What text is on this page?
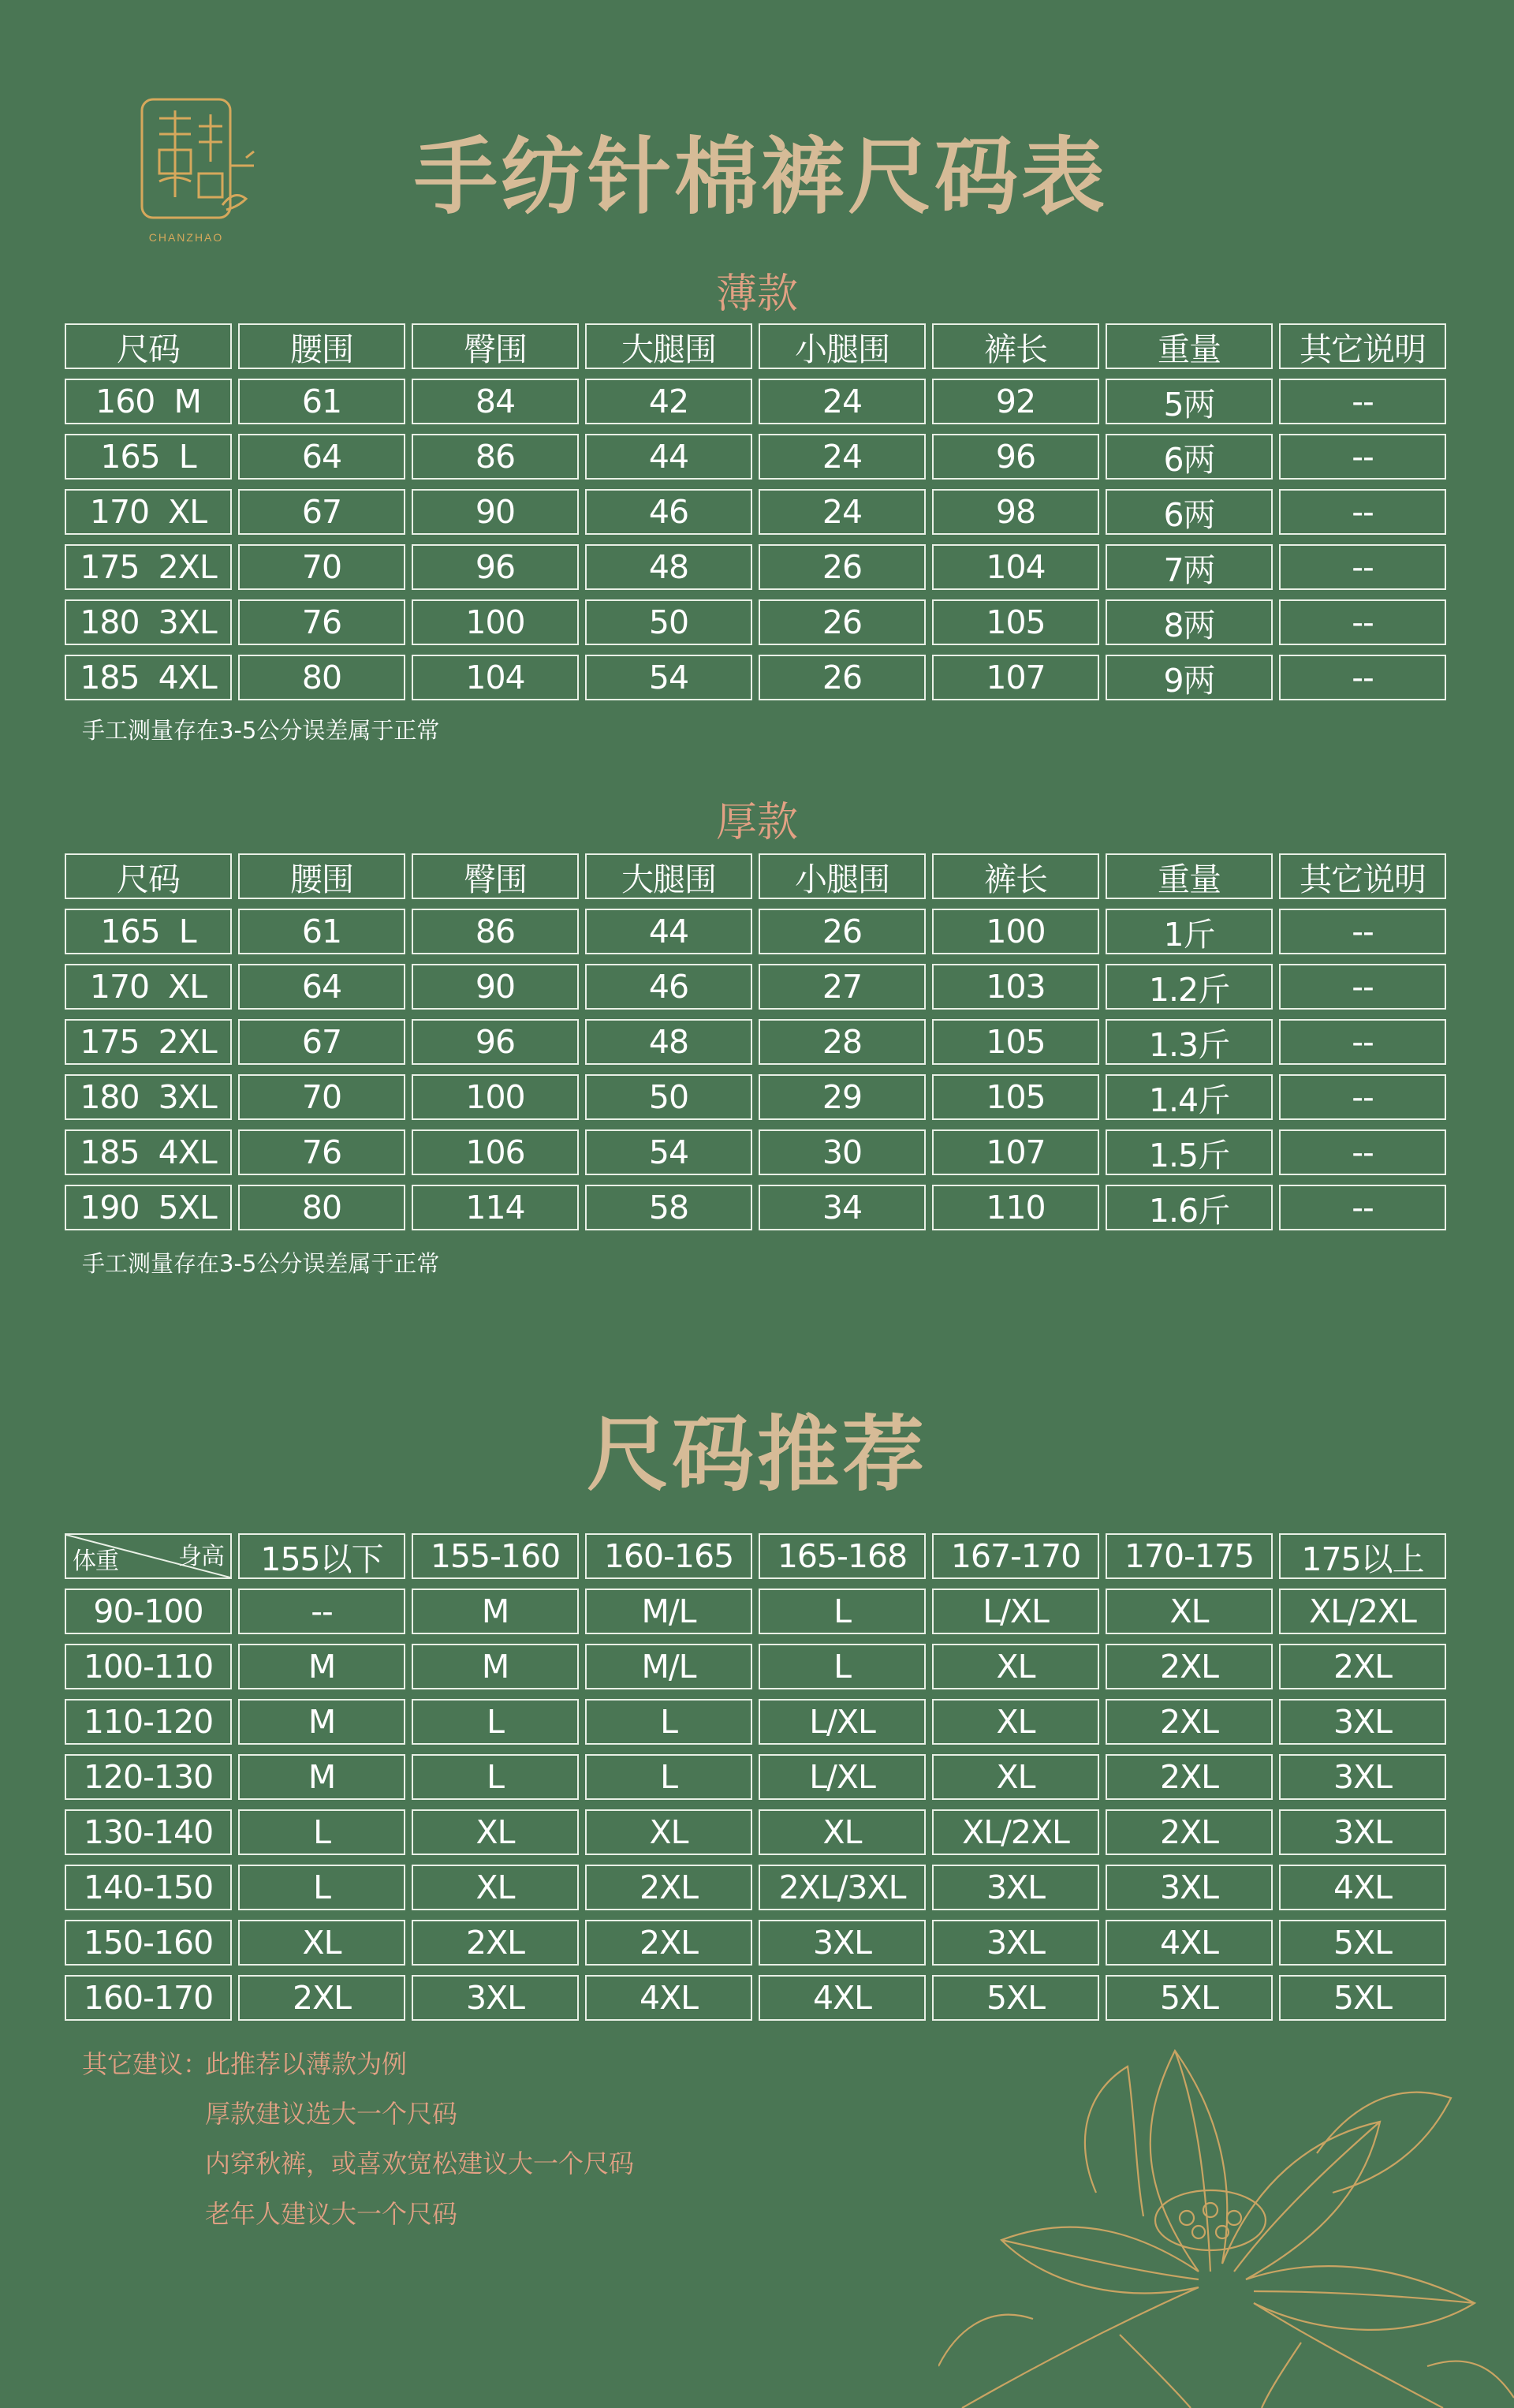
CHANZHAO
手纺针棉裤尺码表
薄款
尺码	腰围	臀围	大腿围	小腿围	裤长	重量	其它说明
160  M	61	84	42	24	92	5两	--
165  L	64	86	44	24	96	6两	--
170  XL	67	90	46	24	98	6两	--
175  2XL	70	96	48	26	104	7两	--
180  3XL	76	100	50	26	105	8两	--
185  4XL	80	104	54	26	107	9两	--
手工测量存在3-5公分误差属于正常
厚款
尺码	腰围	臀围	大腿围	小腿围	裤长	重量	其它说明
165  L	61	86	44	26	100	1斤	--
170  XL	64	90	46	27	103	1.2斤	--
175  2XL	67	96	48	28	105	1.3斤	--
180  3XL	70	100	50	29	105	1.4斤	--
185  4XL	76	106	54	30	107	1.5斤	--
190  5XL	80	114	58	34	110	1.6斤	--
手工测量存在3-5公分误差属于正常
尺码推荐
身高
体重	155以下	155-160	160-165	165-168	167-170	170-175	175以上
90-100	--	M	M/L	L	L/XL	XL	XL/2XL
100-110	M	M	M/L	L	XL	2XL	2XL
110-120	M	L	L	L/XL	XL	2XL	3XL
120-130	M	L	L	L/XL	XL	2XL	3XL
130-140	L	XL	XL	XL	XL/2XL	2XL	3XL
140-150	L	XL	2XL	2XL/3XL	3XL	3XL	4XL
150-160	XL	2XL	2XL	3XL	3XL	4XL	5XL
160-170	2XL	3XL	4XL	4XL	5XL	5XL	5XL
其它建议：
此推荐以薄款为例
厚款建议选大一个尺码
内穿秋裤，或喜欢宽松建议大一个尺码
老年人建议大一个尺码
